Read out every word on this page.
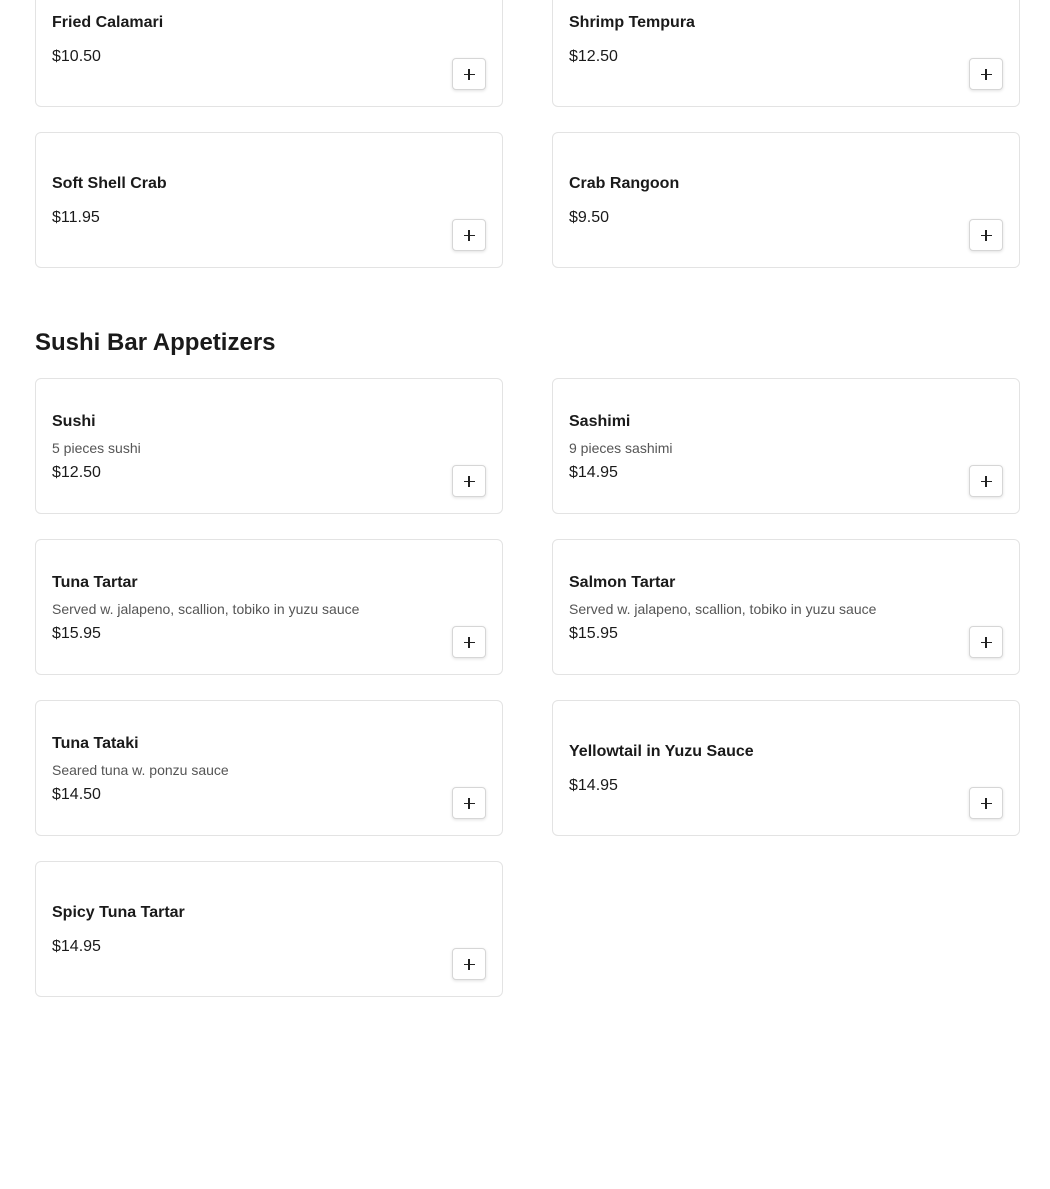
Fried Calamari
$10.50
Shrimp Tempura
$12.50
Soft Shell Crab
$11.95
Crab Rangoon
$9.50
Sushi Bar Appetizers
Sushi
5 pieces sushi
$12.50
Sashimi
9 pieces sashimi
$14.95
Tuna Tartar
Served w. jalapeno, scallion, tobiko in yuzu sauce
$15.95
Salmon Tartar
Served w. jalapeno, scallion, tobiko in yuzu sauce
$15.95
Tuna Tataki
Seared tuna w. ponzu sauce
$14.50
Yellowtail in Yuzu Sauce
$14.95
Spicy Tuna Tartar
$14.95
